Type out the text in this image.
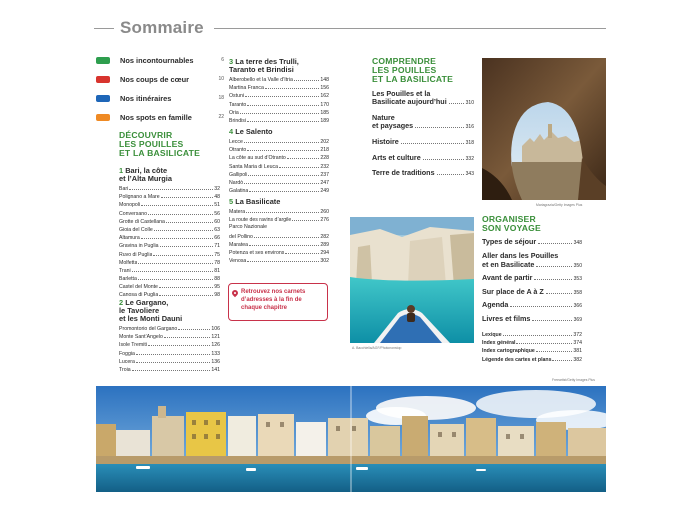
Sommaire
Nos incontournables	6
Nos coups de cœur	10
Nos itinéraires	18
Nos spots en famille	22
DÉCOUVRIR
LES POUILLES
ET LA BASILICATE
1 Bari, la côte
et l’Alta Murgia
Bari	32
Polignano a Mare	48
Monopoli	51
Conversano	56
Grotte di Castellana	60
Gioia del Colle	63
Altamura	66
Gravina in Puglia	71
Ruvo di Puglia	75
Molfetta	78
Trani	81
Barletta	88
Castel del Monte	95
Canosa di Puglia	98
2 Le Gargano,
le Tavoliere
et les Monti Dauni
Promontorio del Gargano	106
Monte Sant’Angelo	121
Isole Tremiti	126
Foggia	133
Lucera	136
Troia	141
3 La terre des Trulli,
Taranto et Brindisi
Alberobello et la Valle d’Itria	148
Martina Franca	156
Ostuni	162
Taranto	170
Oria	185
Brindisi	189
4 Le Salento
Lecce	202
Otranto	218
La côte au sud d’Otranto	228
Santa Maria di Leuca	232
Gallipoli	237
Nardò	247
Galatina	249
5 La Basilicate
Matera	260
La route des ravins d’argile	276
Parco Nazionale
del Pollino	282
Maratea	289
Potenza et ses environs	294
Venosa	302
Retrouvez nos carnets
d’adresses à la fin de
chaque chapitre
COMPRENDRE
LES POUILLES
ET LA BASILICATE
Les Pouilles et la
Basilicate aujourd’hui	310
Nature
et paysages	316
Histoire	318
Arts et culture	332
Terre de traditions	343
ORGANISER
SON VOYAGE
Types de séjour	348
Aller dans les Pouilles
et en Basilicate	350
Avant de partir	353
Sur place de A à Z	358
Agenda	366
Livres et films	369
Lexique	372
Index général	374
Index cartographique	381
Légende des cartes et plans	382
Mariagrazia/Getty Images Plus
A. Bacchiella/AGF/Photononstop
Freeartist/Getty Images Plus
